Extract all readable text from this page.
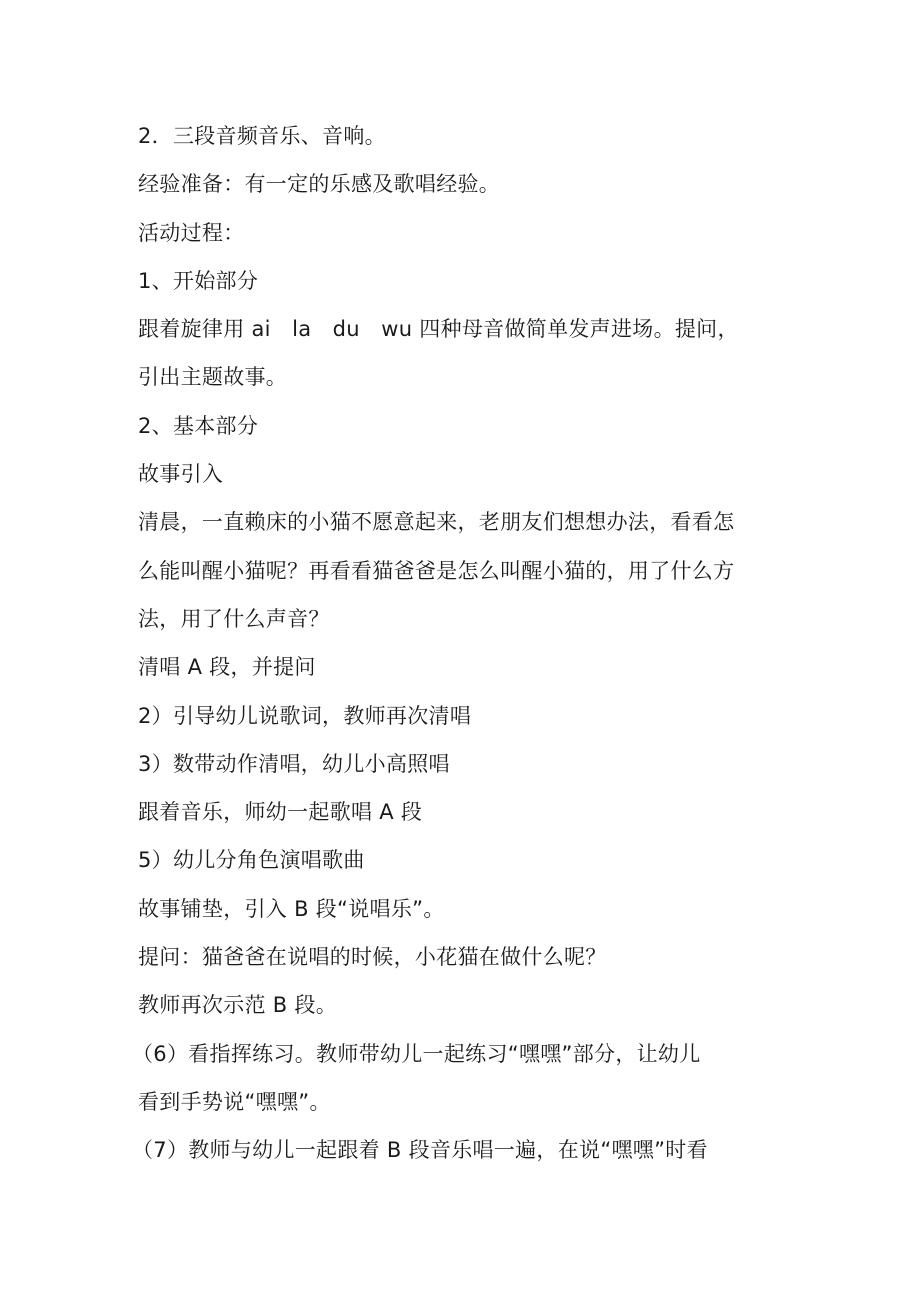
2．三段音频音乐、音响。
经验准备：有一定的乐感及歌唱经验。
活动过程：
1、开始部分
跟着旋律用 ai　la　du　wu 四种母音做简单发声进场。提问，
引出主题故事。
2、基本部分
故事引入
清晨，一直赖床的小猫不愿意起来，老朋友们想想办法，看看怎
么能叫醒小猫呢？再看看猫爸爸是怎么叫醒小猫的，用了什么方
法，用了什么声音？
清唱 A 段，并提问
2）引导幼儿说歌词，教师再次清唱
3）数带动作清唱，幼儿小高照唱
跟着音乐，师幼一起歌唱 A 段
5）幼儿分角色演唱歌曲
故事铺垫，引入 B 段“说唱乐”。
提问：猫爸爸在说唱的时候，小花猫在做什么呢？
教师再次示范 B 段。
（6）看指挥练习。教师带幼儿一起练习“嘿嘿”部分，让幼儿
看到手势说“嘿嘿”。
（7）教师与幼儿一起跟着 B 段音乐唱一遍，在说“嘿嘿”时看
